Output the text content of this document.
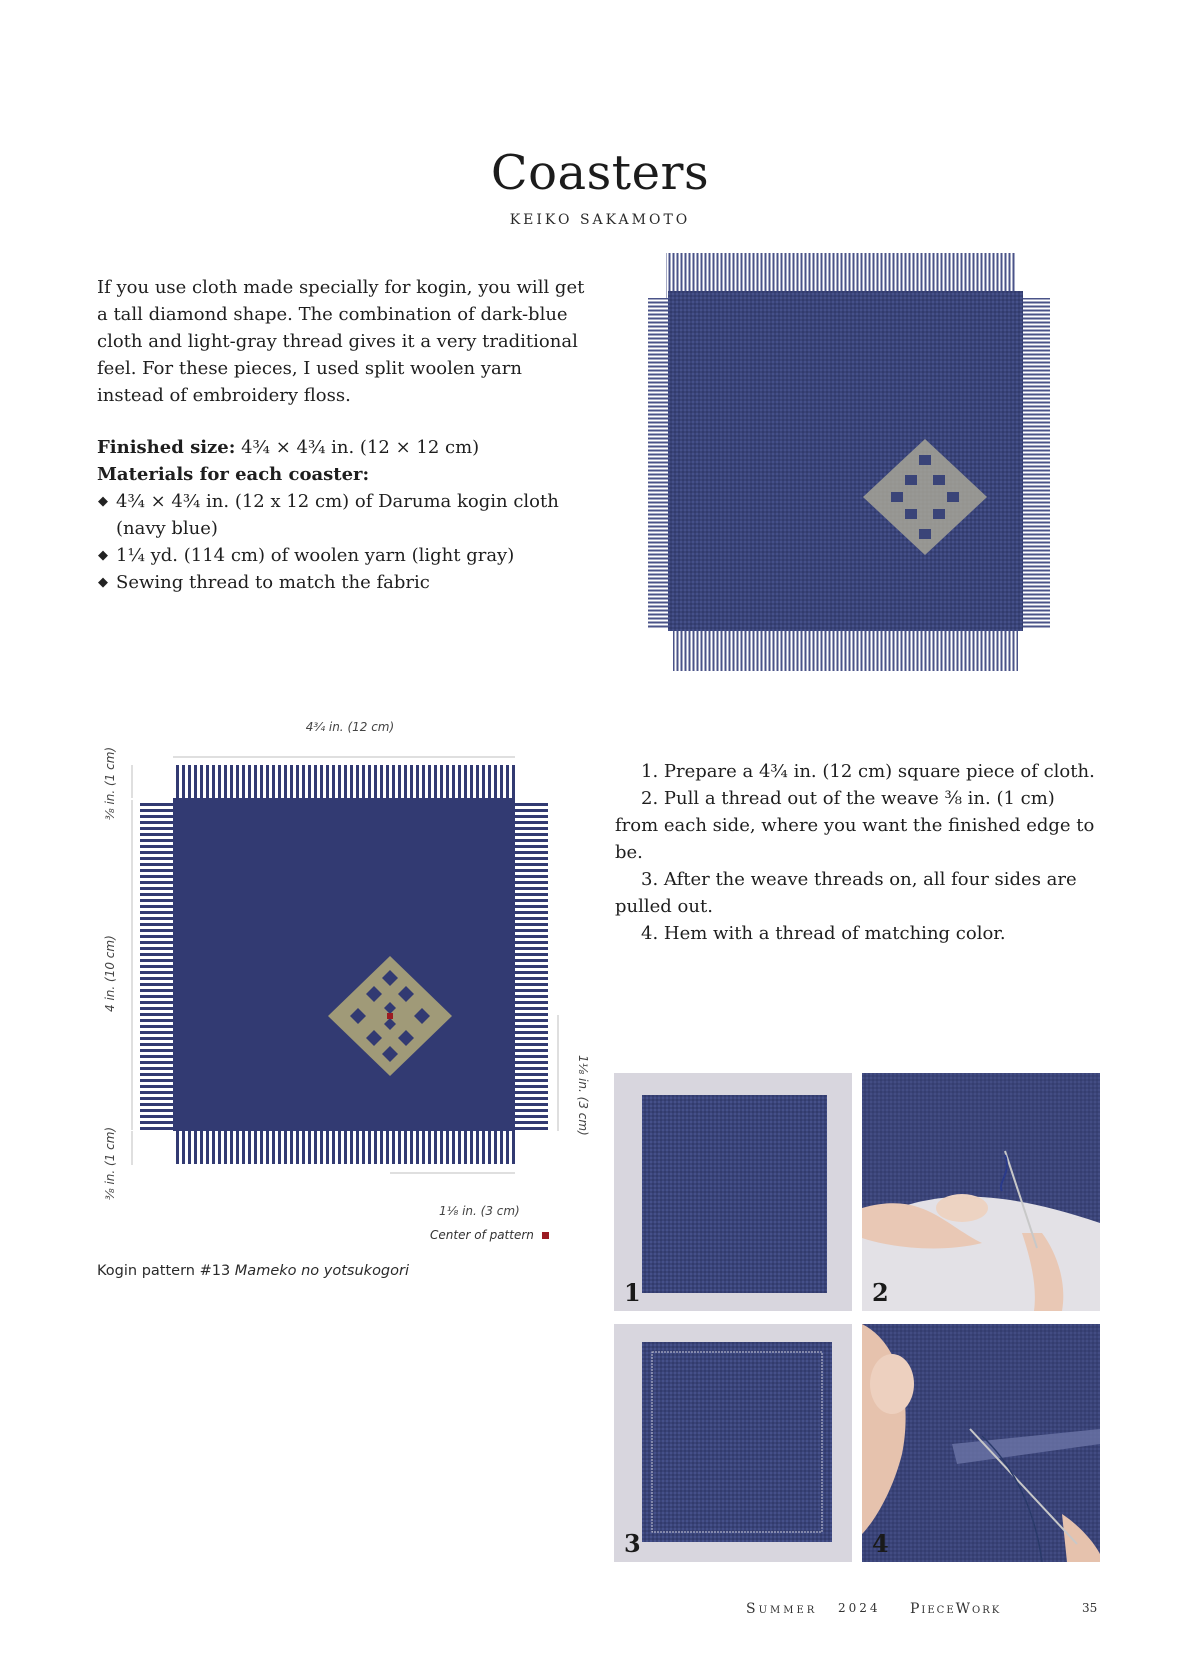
Coasters
KEIKO SAKAMOTO
If you use cloth made specially for kogin, you will get a tall diamond shape. The combination of dark-blue cloth and light-gray thread gives it a very traditional feel. For these pieces, I used split woolen yarn instead of embroidery floss.
Finished size: 4¾ × 4¾ in. (12 × 12 cm)
Materials for each coaster:
◆ 4¾ × 4¾ in. (12 x 12 cm) of Daruma kogin cloth (navy blue)
◆ 1¼ yd. (114 cm) of woolen yarn (light gray)
◆ Sewing thread to match the fabric
4³⁄₄ in. (12 cm)
³⁄₈ in. (1 cm)
4 in. (10 cm)
³⁄₈ in. (1 cm)
1¹⁄₈ in. (3 cm)
1¹⁄₈ in. (3 cm)
Center of pattern
Kogin pattern #13 Mameko no yotsukogori

1. Prepare a 4¾ in. (12 cm) square piece of cloth.

2. Pull a thread out of the weave ³⁄₈ in. (1 cm) from each side, where you want the finished edge to be.

3. After the weave threads on, all four sides are pulled out.

4. Hem with a thread of matching color.

1	2
3	4
Summer 2024 PieceWork	35
